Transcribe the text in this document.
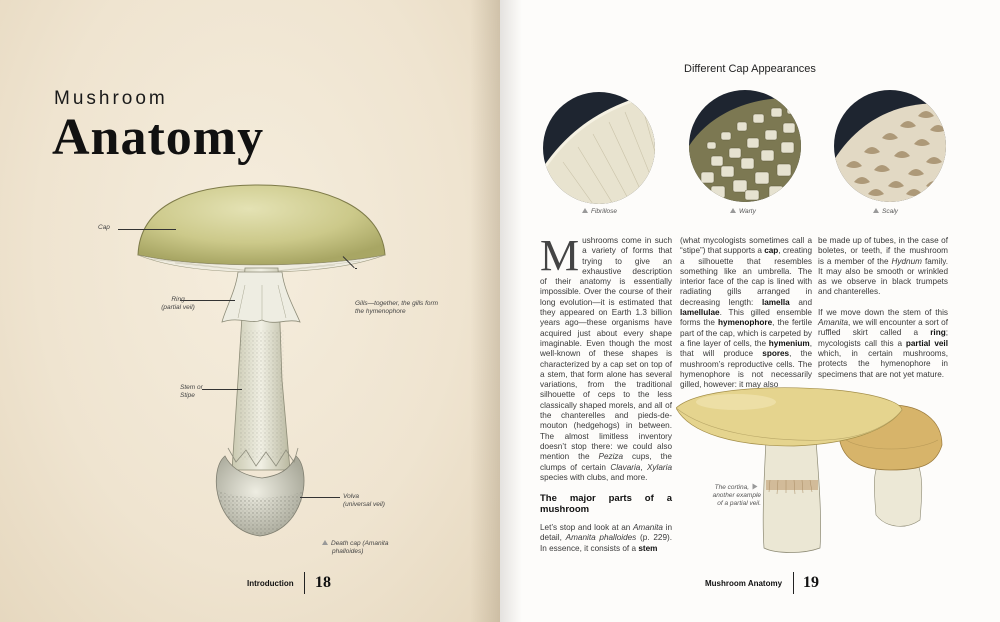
Mushroom
Anatomy
Cap
Ring
(partial veil)
Gills—together, the gills form
the hymenophore
Stem or
Stipe
Volva
(universal veil)
Death cap (Amanita
phalloides)
Introduction 18
Different Cap Appearances
Fibrillose	Warty	Scaly

Mushrooms come in such a variety of forms that trying to give an exhaustive description of their anatomy is essentially impossible. Over the course of their long evolution—it is estimated that they appeared on Earth 1.3 billion years ago—these organisms have acquired just about every shape imaginable. Even though the most well-known of these shapes is characterized by a cap set on top of a stem, that form alone has several variations, from the traditional silhouette of ceps to the less classically shaped morels, and all of the chanterelles and pieds-de-mouton (hedgehogs) in between. The almost limitless inventory doesn’t stop there: we could also mention the Peziza cups, the clumps of certain Clavaria, Xylaria species with clubs, and more.

The major parts of a mushroom

Let’s stop and look at an Amanita in detail, Amanita phalloides (p. 229). In essence, it consists of a stem

(what mycologists sometimes call a “stipe”) that supports a cap, creating a silhouette that resembles something like an umbrella. The interior face of the cap is lined with radiating gills arranged in decreasing length: lamella and lamellulae. This gilled ensemble forms the hymenophore, the fertile part of the cap, which is carpeted by a fine layer of cells, the hymenium, that will produce spores, the mushroom’s reproductive cells. The hymenophore is not necessarily gilled, however: it may also

be made up of tubes, in the case of boletes, or teeth, if the mushroom is a member of the Hydnum family. It may also be smooth or wrinkled as we observe in black trumpets and chanterelles.

If we move down the stem of this Amanita, we will encounter a sort of ruffled skirt called a ring; mycologists call this a partial veil which, in certain mushrooms, protects the hymenophore in specimens that are not yet mature.

The cortina,
another example
of a partial veil.
Mushroom Anatomy 19
